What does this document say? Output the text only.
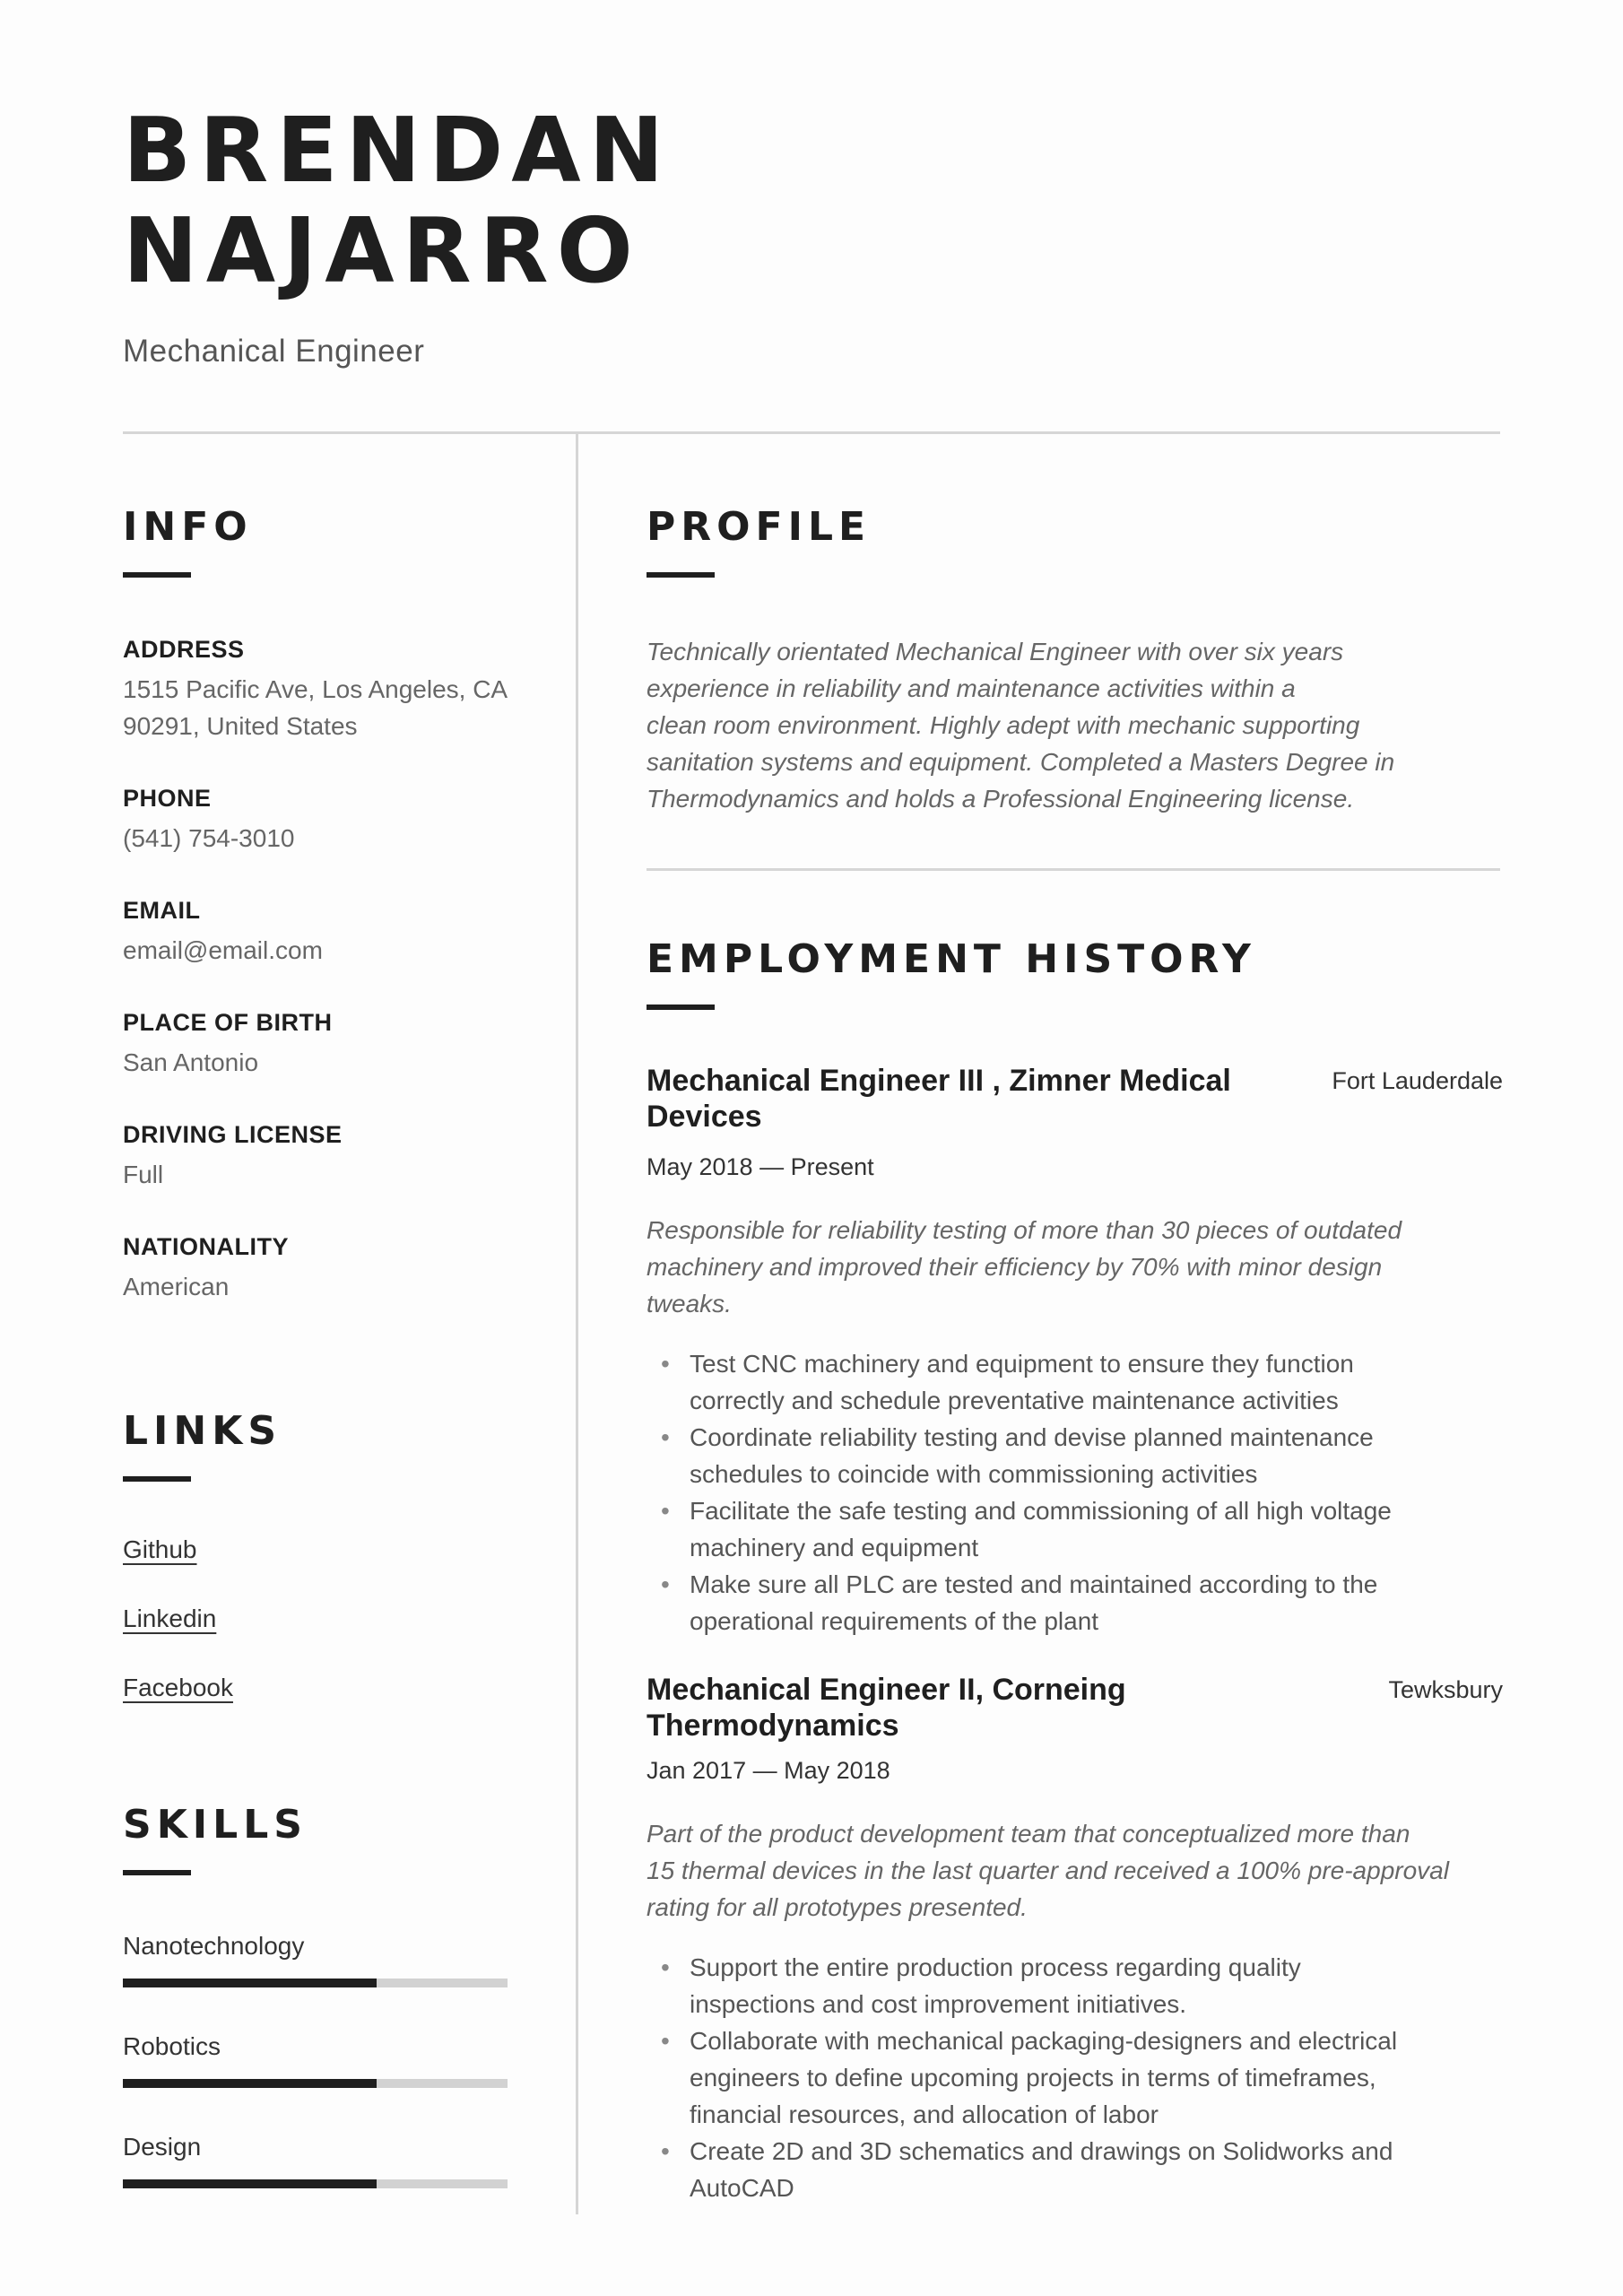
BRENDAN
NAJARRO
Mechanical Engineer
INFO
ADDRESS
1515 Pacific Ave, Los Angeles, CA
90291, United States
PHONE
(541) 754-3010
EMAIL
email@email.com
PLACE OF BIRTH
San Antonio
DRIVING LICENSE
Full
NATIONALITY
American
LINKS
Github
Linkedin
Facebook
SKILLS
Nanotechnology
Robotics
Design
PROFILE
Technically orientated Mechanical Engineer with over six years
experience in reliability and maintenance activities within a
clean room environment. Highly adept with mechanic supporting
sanitation systems and equipment. Completed a Masters Degree in
Thermodynamics and holds a Professional Engineering license.
EMPLOYMENT HISTORY
Mechanical Engineer III , Zimner Medical
Devices
Fort Lauderdale
May 2018 — Present
Responsible for reliability testing of more than 30 pieces of outdated
machinery and improved their efficiency by 70% with minor design
tweaks.
• Test CNC machinery and equipment to ensure they function
correctly and schedule preventative maintenance activities
• Coordinate reliability testing and devise planned maintenance
schedules to coincide with commissioning activities
• Facilitate the safe testing and commissioning of all high voltage
machinery and equipment
• Make sure all PLC are tested and maintained according to the
operational requirements of the plant
Mechanical Engineer II, Corneing
Thermodynamics
Tewksbury
Jan 2017 — May 2018
Part of the product development team that conceptualized more than
15 thermal devices in the last quarter and received a 100% pre-approval
rating for all prototypes presented.
• Support the entire production process regarding quality
inspections and cost improvement initiatives.
• Collaborate with mechanical packaging-designers and electrical
engineers to define upcoming projects in terms of timeframes,
financial resources, and allocation of labor
• Create 2D and 3D schematics and drawings on Solidworks and
AutoCAD
